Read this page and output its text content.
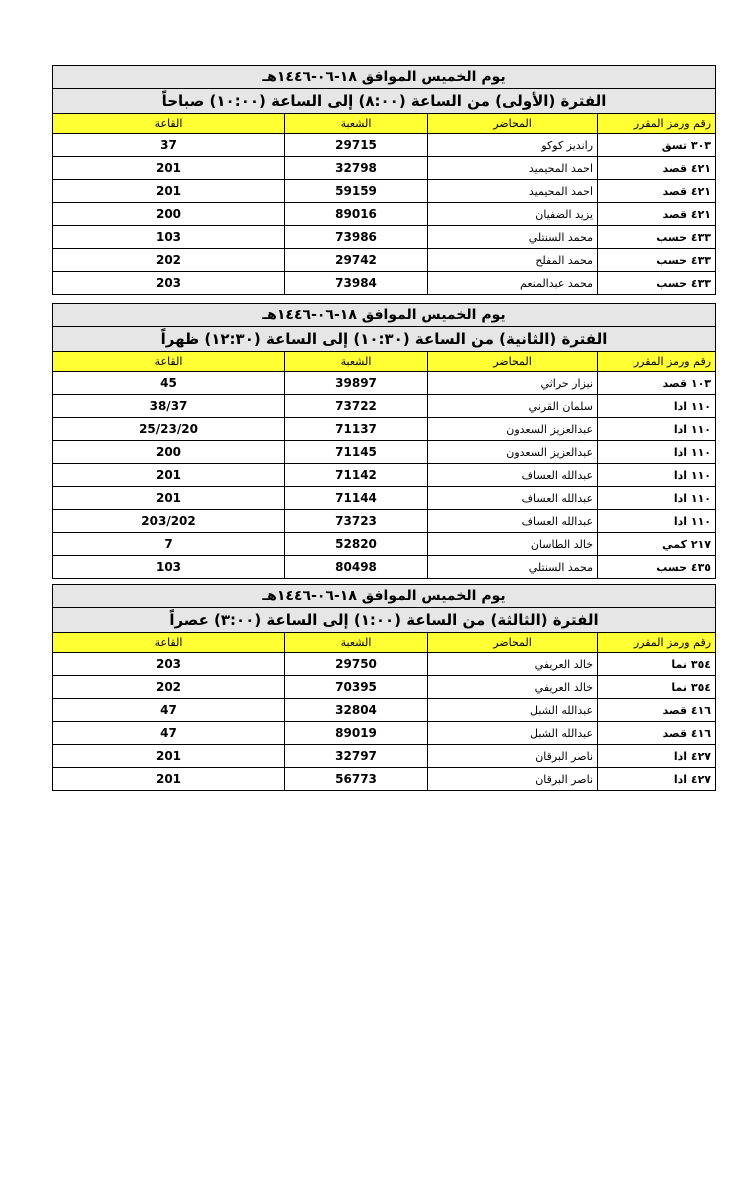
يوم الخميس الموافق ١٨-٠٦-١٤٤٦هـ			
الفترة (الأولى) من الساعة (٨:٠٠) إلى الساعة (١٠:٠٠) صباحاً			
رقم ورمز المقرر	المحاضر	الشعبة	القاعة
٣٠٣ تسق	رانديز كوكو	29715	37
٤٢١ قصد	احمد المحيميد	32798	201
٤٢١ قصد	احمد المحيميد	59159	201
٤٢١ قصد	يزيد الضفيان	89016	200
٤٣٣ حسب	محمد السنتلي	73986	103
٤٣٣ حسب	محمد المفلح	29742	202
٤٣٣ حسب	محمد عبدالمنعم	73984	203
يوم الخميس الموافق ١٨-٠٦-١٤٤٦هـ			
الفترة (الثانية) من الساعة (١٠:٣٠) إلى الساعة (١٢:٣٠) ظهراً			
رقم ورمز المقرر	المحاضر	الشعبة	القاعة
١٠٣ قصد	نيزار حراثي	39897	45
١١٠ ادا	سلمان القرني	73722	38/37
١١٠ ادا	عبدالعزيز السعدون	71137	25/23/20
١١٠ ادا	عبدالعزيز السعدون	71145	200
١١٠ ادا	عبدالله العساف	71142	201
١١٠ ادا	عبدالله العساف	71144	201
١١٠ ادا	عبدالله العساف	73723	203/202
٢١٧ كمي	خالد الطاسان	52820	7
٤٣٥ حسب	محمد السنتلي	80498	103
يوم الخميس الموافق ١٨-٠٦-١٤٤٦هـ			
الفترة (الثالثة) من الساعة (١:٠٠) إلى الساعة (٣:٠٠) عصراً			
رقم ورمز المقرر	المحاضر	الشعبة	القاعة
٣٥٤ نما	خالد العريفي	29750	203
٣٥٤ نما	خالد العريفي	70395	202
٤١٦ قصد	عبدالله الشبل	32804	47
٤١٦ قصد	عبدالله الشبل	89019	47
٤٢٧ ادا	ناصر البرقان	32797	201
٤٢٧ ادا	ناصر البرقان	56773	201
